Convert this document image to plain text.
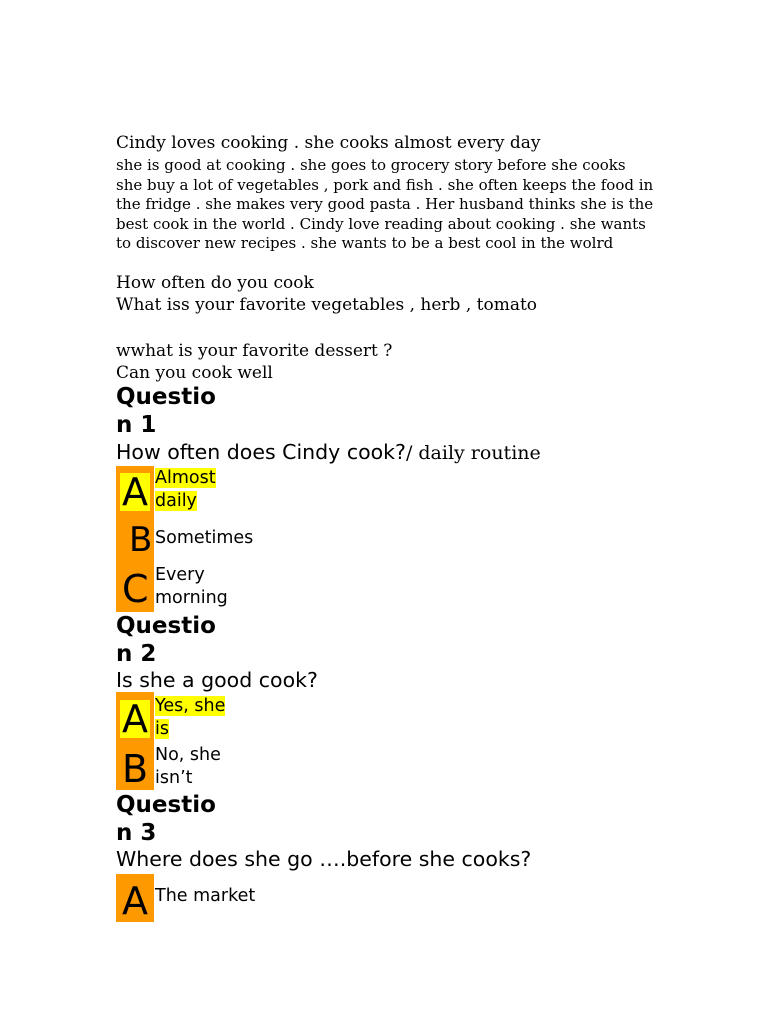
Cindy loves cooking . she cooks almost every day
she is good at cooking . she goes to grocery story before she cooks
she buy a lot of vegetables , pork and fish . she often keeps the food in
the fridge . she makes very good pasta . Her husband thinks she is the
best cook in the world . Cindy love reading about cooking . she wants
to discover new recipes . she wants to be a best cool in the wolrd
How often do you cook
What iss your favorite vegetables , herb , tomato
wwhat is your favorite dessert ?
Can you cook well
Questio
n 1
How often does Cindy cook?/ daily routine
A
B
C
Almost
daily
Sometimes
Every
morning
Questio
n 2
Is she a good cook?
A
B
Yes, she
is
No, she
isn’t
Questio
n 3
Where does she go ….before she cooks?
A The market
